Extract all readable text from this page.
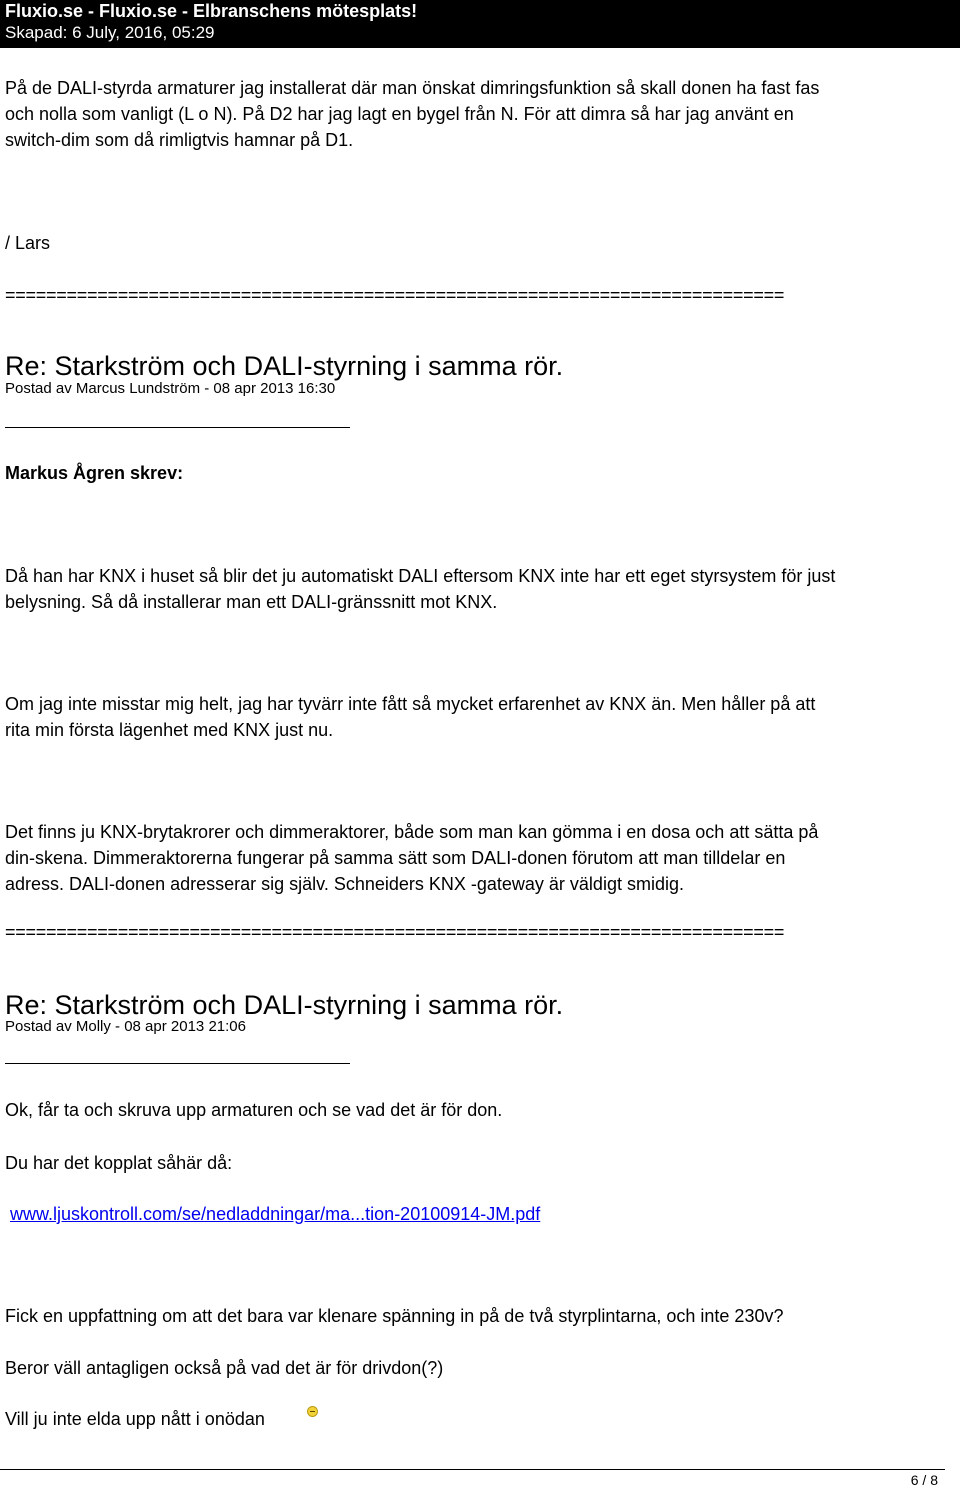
Fluxio.se - Fluxio.se - Elbranschens mötesplats!
Skapad: 6 July, 2016, 05:29
På de DALI-styrda armaturer jag installerat där man önskat dimringsfunktion så skall donen ha fast fas
och nolla som vanligt (L o N). På D2 har jag lagt en bygel från N. För att dimra så har jag använt en
switch-dim som då rimligtvis hamnar på D1.
/ Lars
============================================================================
Re: Starkström och DALI-styrning i samma rör.
Postad av Marcus Lundström - 08 apr 2013 16:30
Markus Ågren skrev:
Då han har KNX i huset så blir det ju automatiskt DALI eftersom KNX inte har ett eget styrsystem för just
belysning. Så då installerar man ett DALI-gränssnitt mot KNX.
Om jag inte misstar mig helt, jag har tyvärr inte fått så mycket erfarenhet av KNX än. Men håller på att
rita min första lägenhet med KNX just nu.
Det finns ju KNX-brytakrorer och dimmeraktorer, både som man kan gömma i en dosa och att sätta på
din-skena. Dimmeraktorerna fungerar på samma sätt som DALI-donen förutom att man tilldelar en
adress. DALI-donen adresserar sig själv. Schneiders KNX -gateway är väldigt smidig.
============================================================================
Re: Starkström och DALI-styrning i samma rör.
Postad av Molly - 08 apr 2013 21:06
Ok, får ta och skruva upp armaturen och se vad det är för don.
Du har det kopplat såhär då:
www.ljuskontroll.com/se/nedladdningar/ma...tion-20100914-JM.pdf
Fick en uppfattning om att det bara var klenare spänning in på de två styrplintarna, och inte 230v?
Beror väll antagligen också på vad det är för drivdon(?)
Vill ju inte elda upp nått i onödan
6 / 8
